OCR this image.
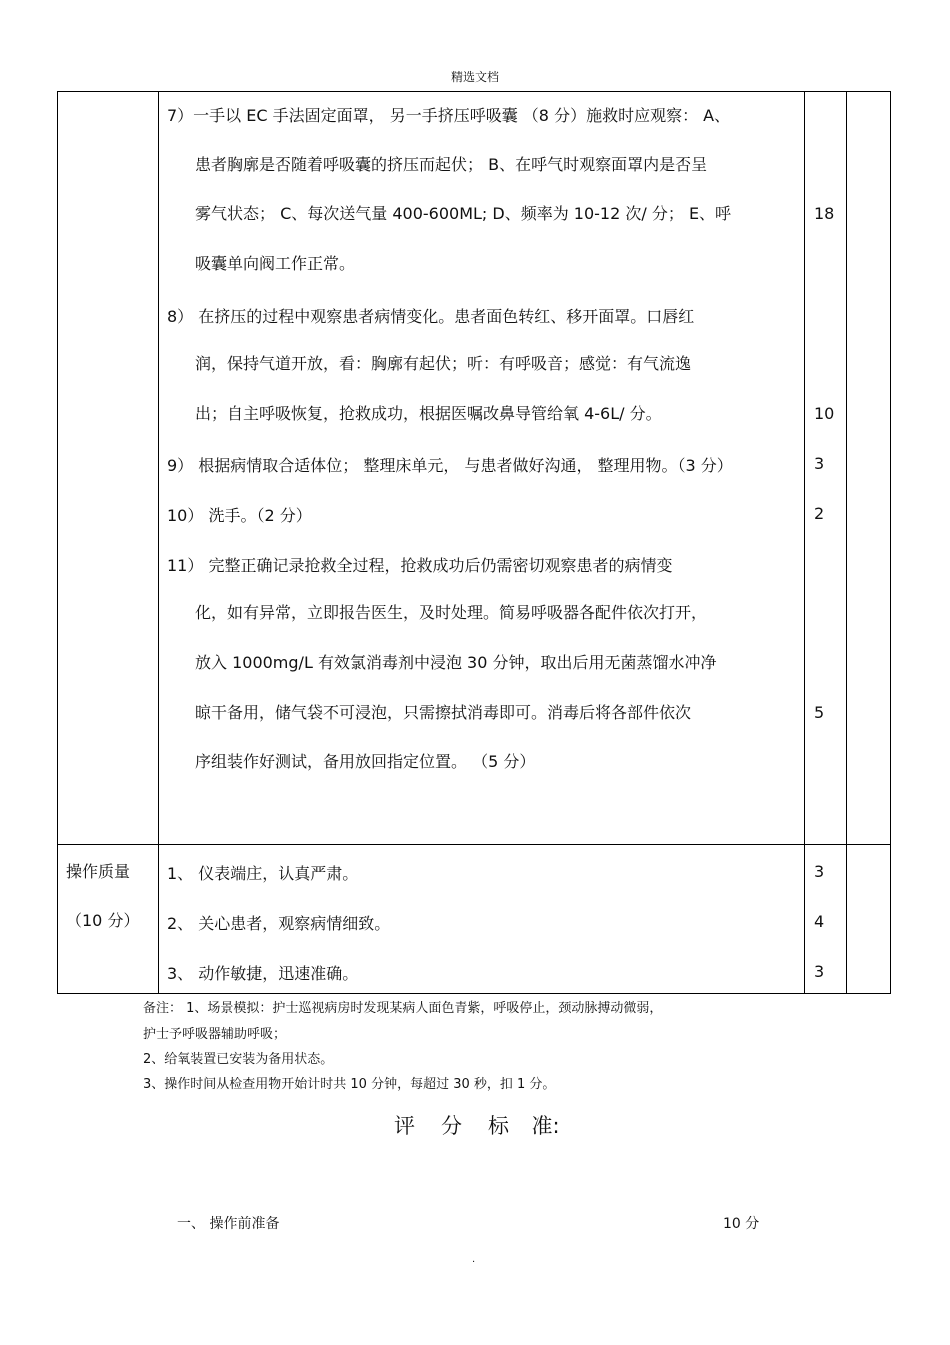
精选文档
7）一手以 EC 手法固定面罩， 另一手挤压呼吸囊 （8 分）施救时应观察： A、
患者胸廓是否随着呼吸囊的挤压而起伏； B、在呼气时观察面罩内是否呈
雾气状态； C、每次送气量 400-600ML; D、频率为 10-12 次/ 分； E、呼
吸囊单向阀工作正常。
8） 在挤压的过程中观察患者病情变化。患者面色转红、移开面罩。口唇红
润，保持气道开放，看：胸廓有起伏；听：有呼吸音；感觉：有气流逸
出；自主呼吸恢复，抢救成功，根据医嘱改鼻导管给氧 4-6L/ 分。
9） 根据病情取合适体位； 整理床单元， 与患者做好沟通， 整理用物。（3 分）
10） 洗手。（2 分）
11） 完整正确记录抢救全过程，抢救成功后仍需密切观察患者的病情变
化，如有异常，立即报告医生，及时处理。简易呼吸器各配件依次打开，
放入 1000mg/L 有效氯消毒剂中浸泡 30 分钟，取出后用无菌蒸馏水冲净
晾干备用，储气袋不可浸泡，只需擦拭消毒即可。消毒后将各部件依次
序组装作好测试，备用放回指定位置。 （5 分）
18
10
3
2
5
操作质量
（10 分）
1、 仪表端庄，认真严肃。
2、 关心患者，观察病情细致。
3、 动作敏捷，迅速准确。
3
4
3
备注： 1、场景模拟：护士巡视病房时发现某病人面色青紫，呼吸停止，颈动脉搏动微弱，
护士予呼吸器辅助呼吸；
2、给氧装置已安装为备用状态。
3、操作时间从检查用物开始计时共 10 分钟，每超过 30 秒，扣 1 分。
评 分 标 准:
一、 操作前准备	10 分
.
